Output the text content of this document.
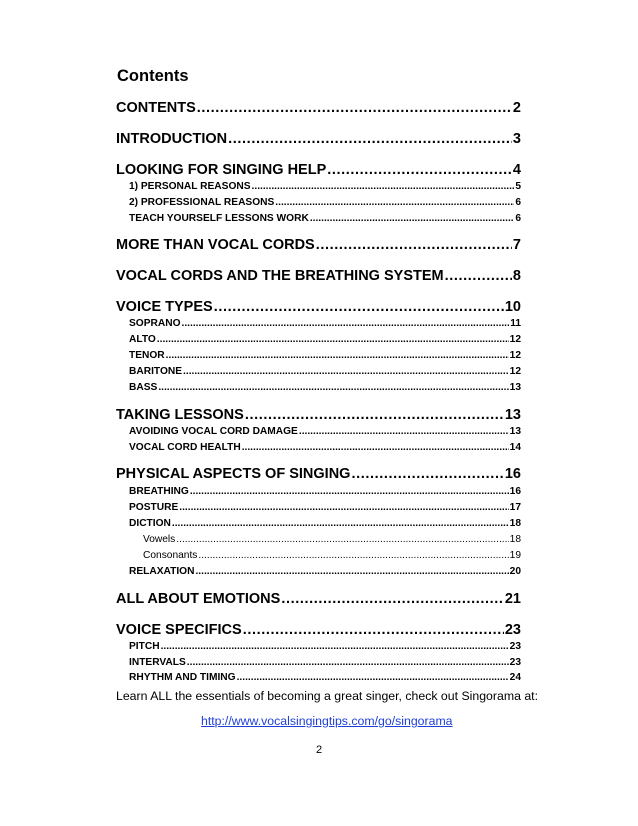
Contents
CONTENTS .....	2
INTRODUCTION .....	3
LOOKING FOR SINGING HELP .....	4
1) PERSONAL REASONS .....	5
2) PROFESSIONAL REASONS .....	6
TEACH YOURSELF LESSONS WORK .....	6
MORE THAN VOCAL CORDS .....	7
VOCAL CORDS AND THE BREATHING SYSTEM .....	8
VOICE TYPES .....	10
SOPRANO .....	11
ALTO .....	12
TENOR .....	12
BARITONE .....	12
BASS .....	13
TAKING LESSONS .....	13
AVOIDING VOCAL CORD DAMAGE .....	13
VOCAL CORD HEALTH .....	14
PHYSICAL ASPECTS OF SINGING .....	16
BREATHING .....	16
POSTURE .....	17
DICTION .....	18
Vowels .....	18
Consonants .....	19
RELAXATION .....	20
ALL ABOUT EMOTIONS .....	21
VOICE SPECIFICS .....	23
PITCH .....	23
INTERVALS .....	23
RHYTHM AND TIMING .....	24

Learn ALL the essentials of becoming a great singer, check out Singorama at:

http://www.vocalsingingtips.com/go/singorama

2
